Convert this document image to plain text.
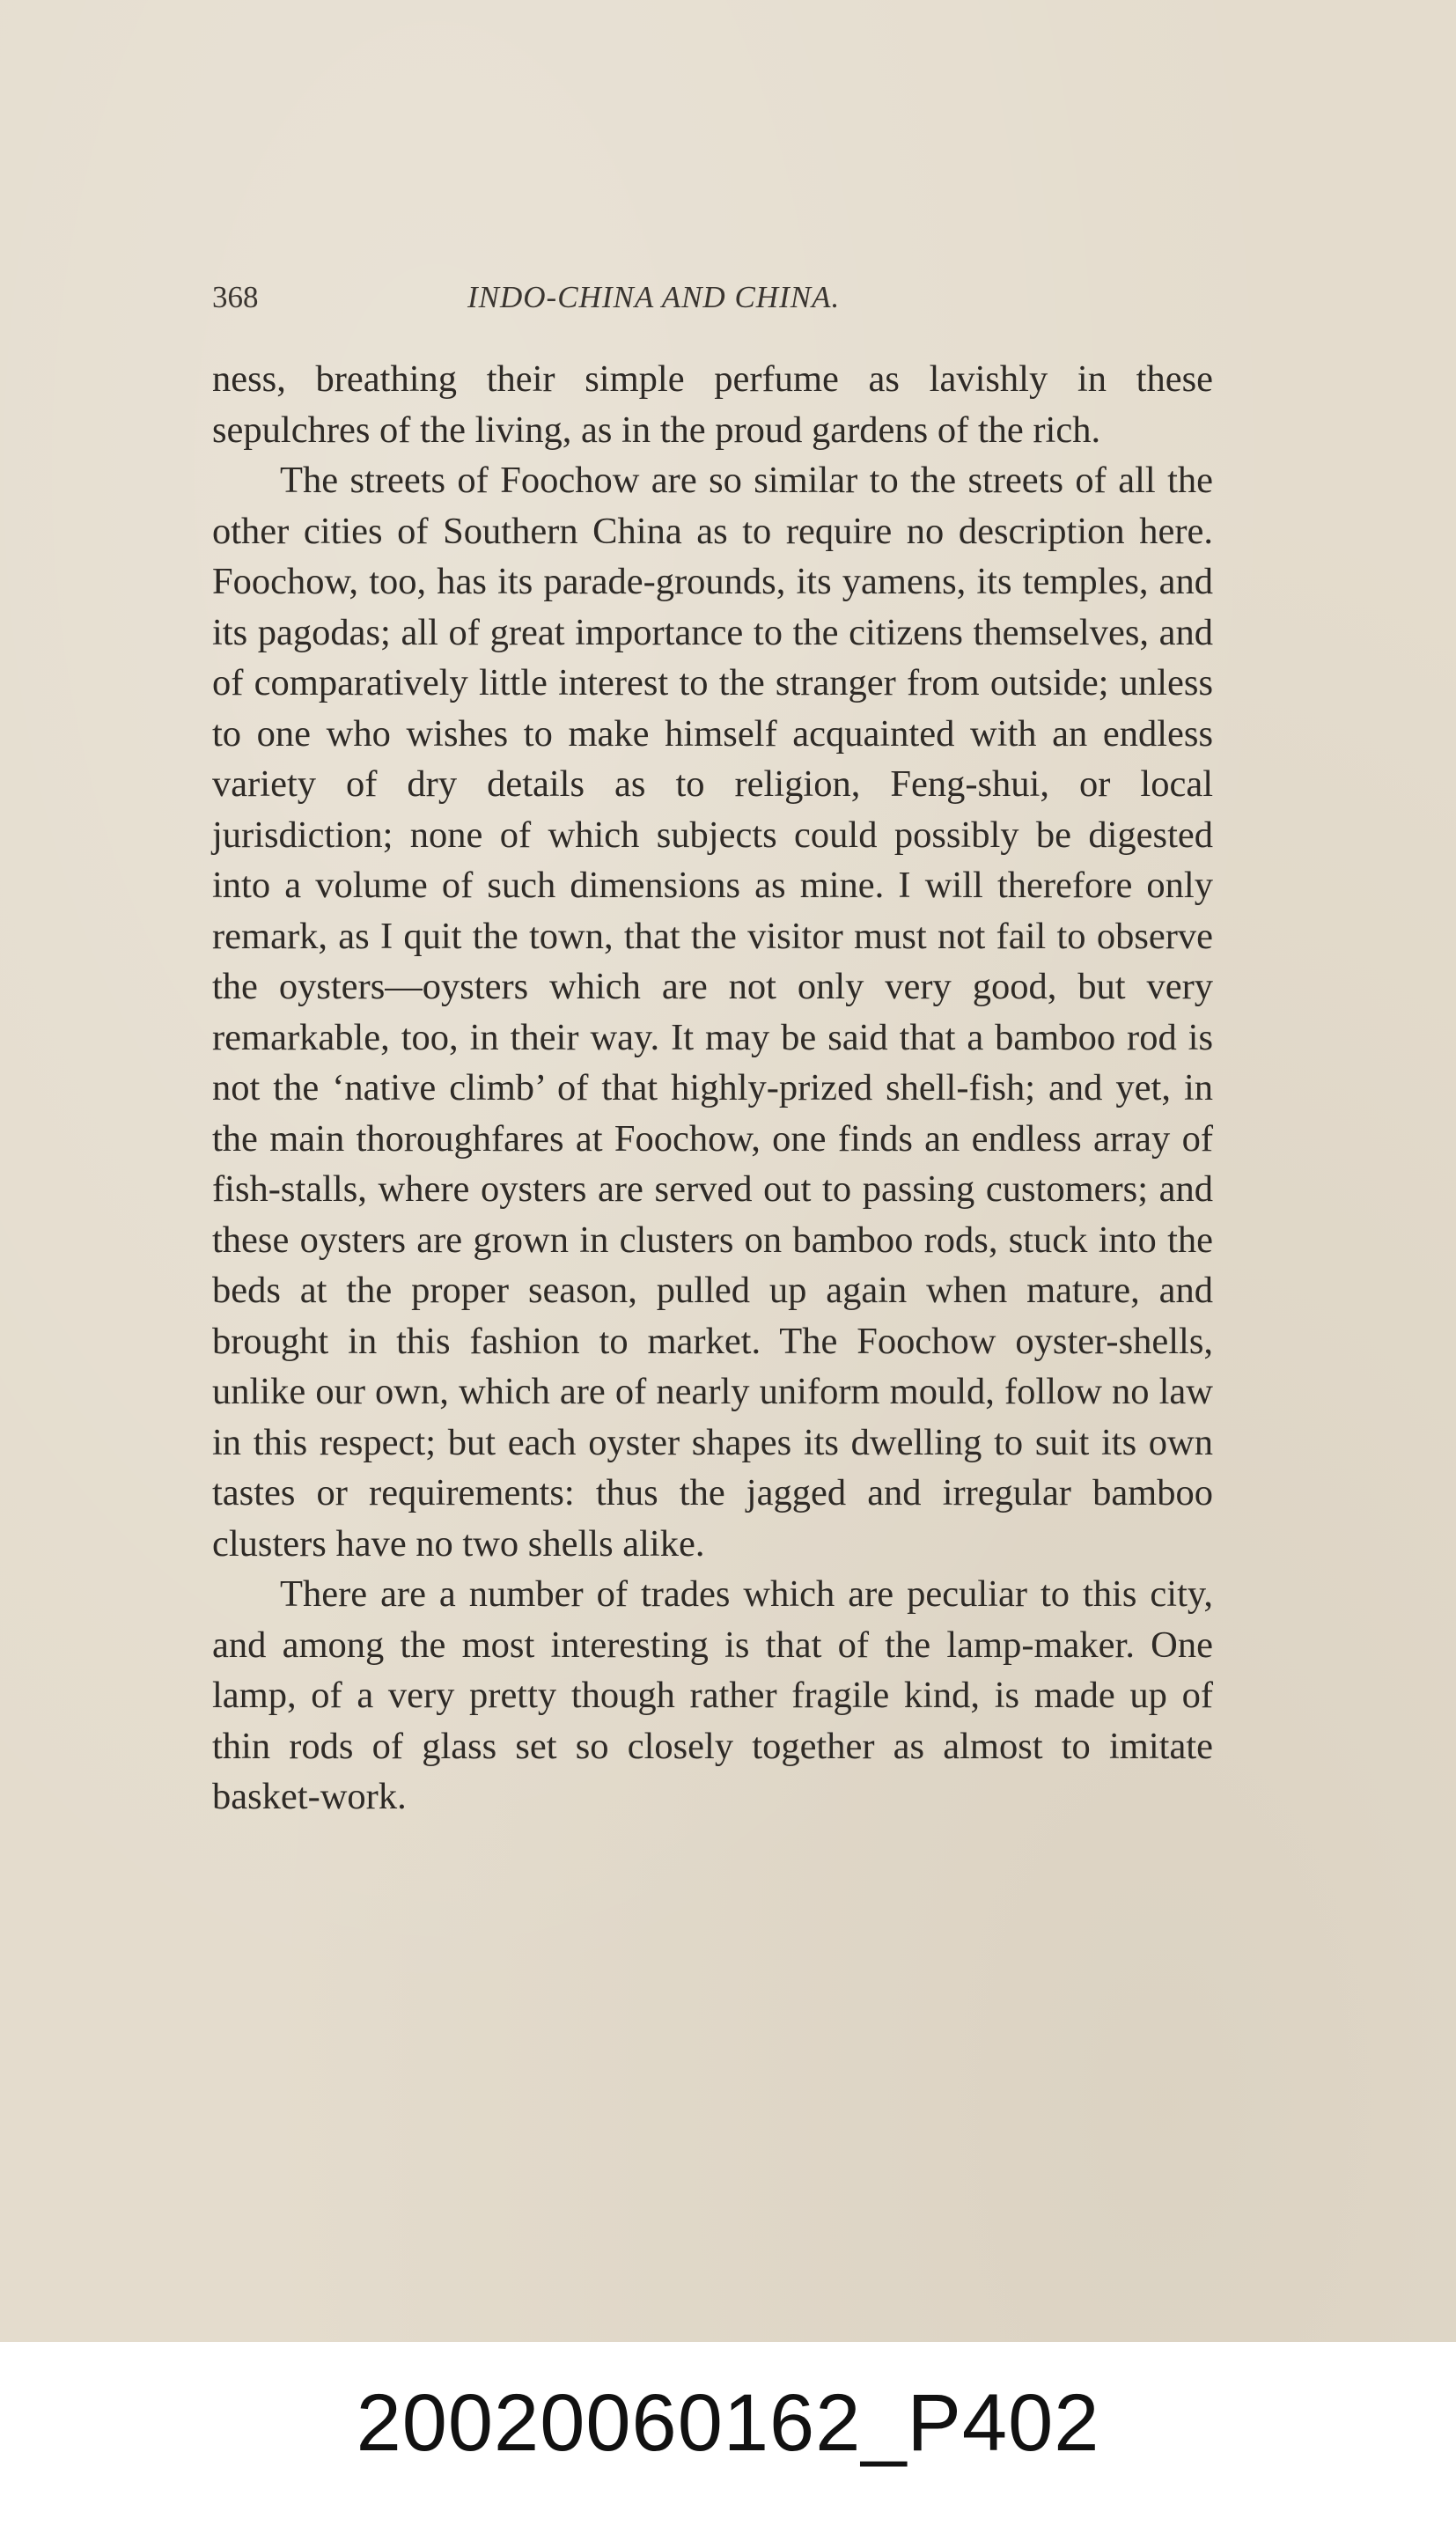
368	INDO-CHINA AND CHINA.

ness, breathing their simple perfume as lavishly in these sepulchres of the living, as in the proud gardens of the rich.

The streets of Foochow are so similar to the streets of all the other cities of Southern China as to require no description here. Foochow, too, has its parade-grounds, its yamens, its temples, and its pagodas; all of great importance to the citizens themselves, and of comparatively little interest to the stranger from outside; unless to one who wishes to make himself acquainted with an endless variety of dry details as to religion, Feng-shui, or local jurisdiction; none of which subjects could possibly be digested into a volume of such dimensions as mine. I will therefore only remark, as I quit the town, that the visitor must not fail to observe the oysters—oysters which are not only very good, but very remarkable, too, in their way. It may be said that a bamboo rod is not the ‘native climb’ of that highly-prized shell-fish; and yet, in the main thoroughfares at Foochow, one finds an endless array of fish-stalls, where oysters are served out to passing customers; and these oysters are grown in clusters on bamboo rods, stuck into the beds at the proper season, pulled up again when mature, and brought in this fashion to market. The Foochow oyster-shells, unlike our own, which are of nearly uniform mould, follow no law in this respect; but each oyster shapes its dwelling to suit its own tastes or requirements: thus the jagged and irregular bamboo clusters have no two shells alike.

There are a number of trades which are peculiar to this city, and among the most interesting is that of the lamp-maker. One lamp, of a very pretty though rather fragile kind, is made up of thin rods of glass set so closely together as almost to imitate basket-work.

20020060162_P402
